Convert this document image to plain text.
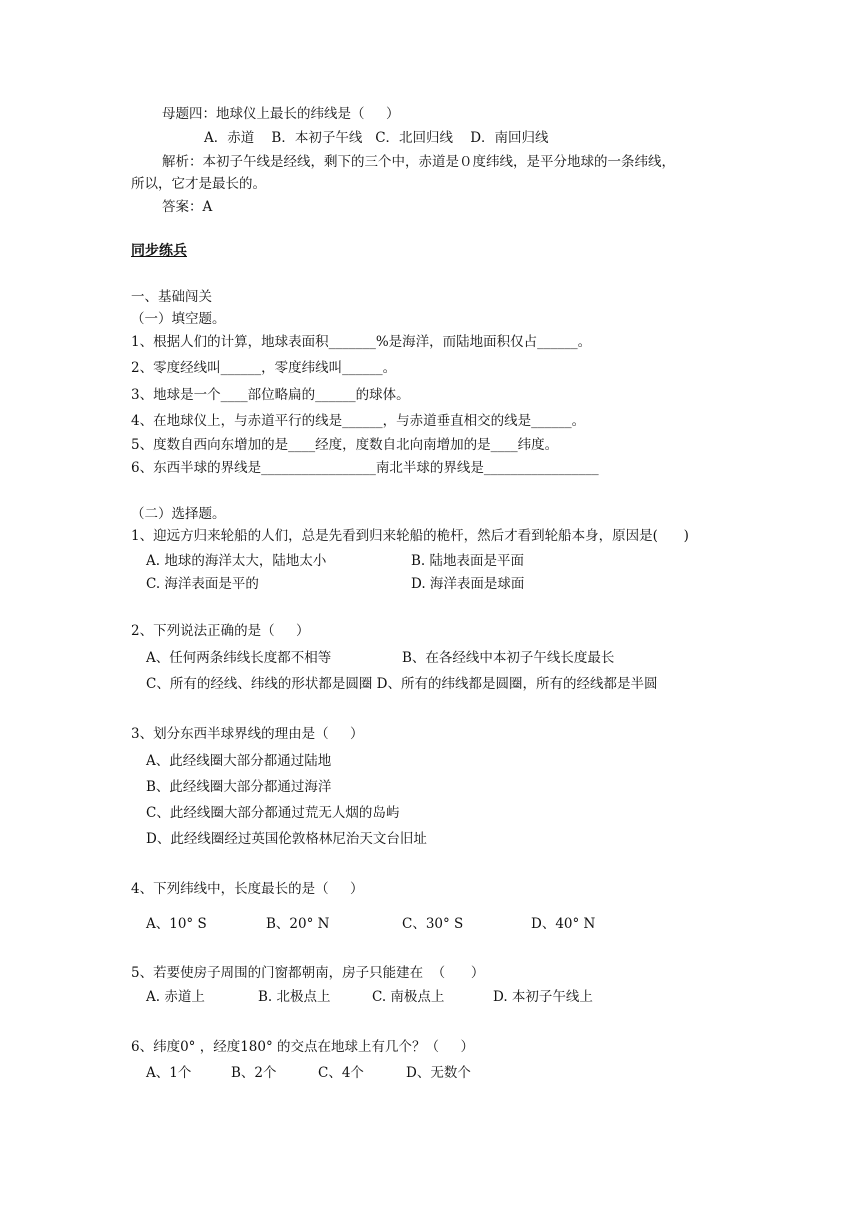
母题四：地球仪上最长的纬线是（     ）
A．赤道    B．本初子午线   C．北回归线    D．南回归线
解析：本初子午线是经线，剩下的三个中，赤道是０度纬线，是平分地球的一条纬线，
所以，它才是最长的。
答案：A
同步练兵
一、基础闯关
（一）填空题。
1、根据人们的计算，地球表面积_______%是海洋，而陆地面积仅占______。
2、零度经线叫______，零度纬线叫______。
3、地球是一个____部位略扁的______的球体。
4、在地球仪上，与赤道平行的线是______，与赤道垂直相交的线是______。
5、度数自西向东增加的是____经度，度数自北向南增加的是____纬度。
6、东西半球的界线是_________________南北半球的界线是_________________
（二）选择题。
1、迎远方归来轮船的人们，总是先看到归来轮船的桅杆，然后才看到轮船本身，原因是(      )
A. 地球的海洋太大，陆地太小	B. 陆地表面是平面
C. 海洋表面是平的	D. 海洋表面是球面
2、下列说法正确的是（     ）
A、任何两条纬线长度都不相等	B、在各经线中本初子午线长度最长
C、所有的经线、纬线的形状都是圆圈 D、所有的纬线都是圆圈，所有的经线都是半圆
3、划分东西半球界线的理由是（     ）
A、此经线圈大部分都通过陆地
B、此经线圈大部分都通过海洋
C、此经线圈大部分都通过荒无人烟的岛屿
D、此经线圈经过英国伦敦格林尼治天文台旧址
4、下列纬线中，长度最长的是（     ）
A、10° S	B、20° N	C、30° S	D、40° N
5、若要使房子周围的门窗都朝南，房子只能建在  （      ）
A. 赤道上	B. 北极点上	C. 南极点上	D. 本初子午线上
6、纬度0° ，经度180° 的交点在地球上有几个？（     ）
A、1个	B、2个	C、4个	D、无数个
